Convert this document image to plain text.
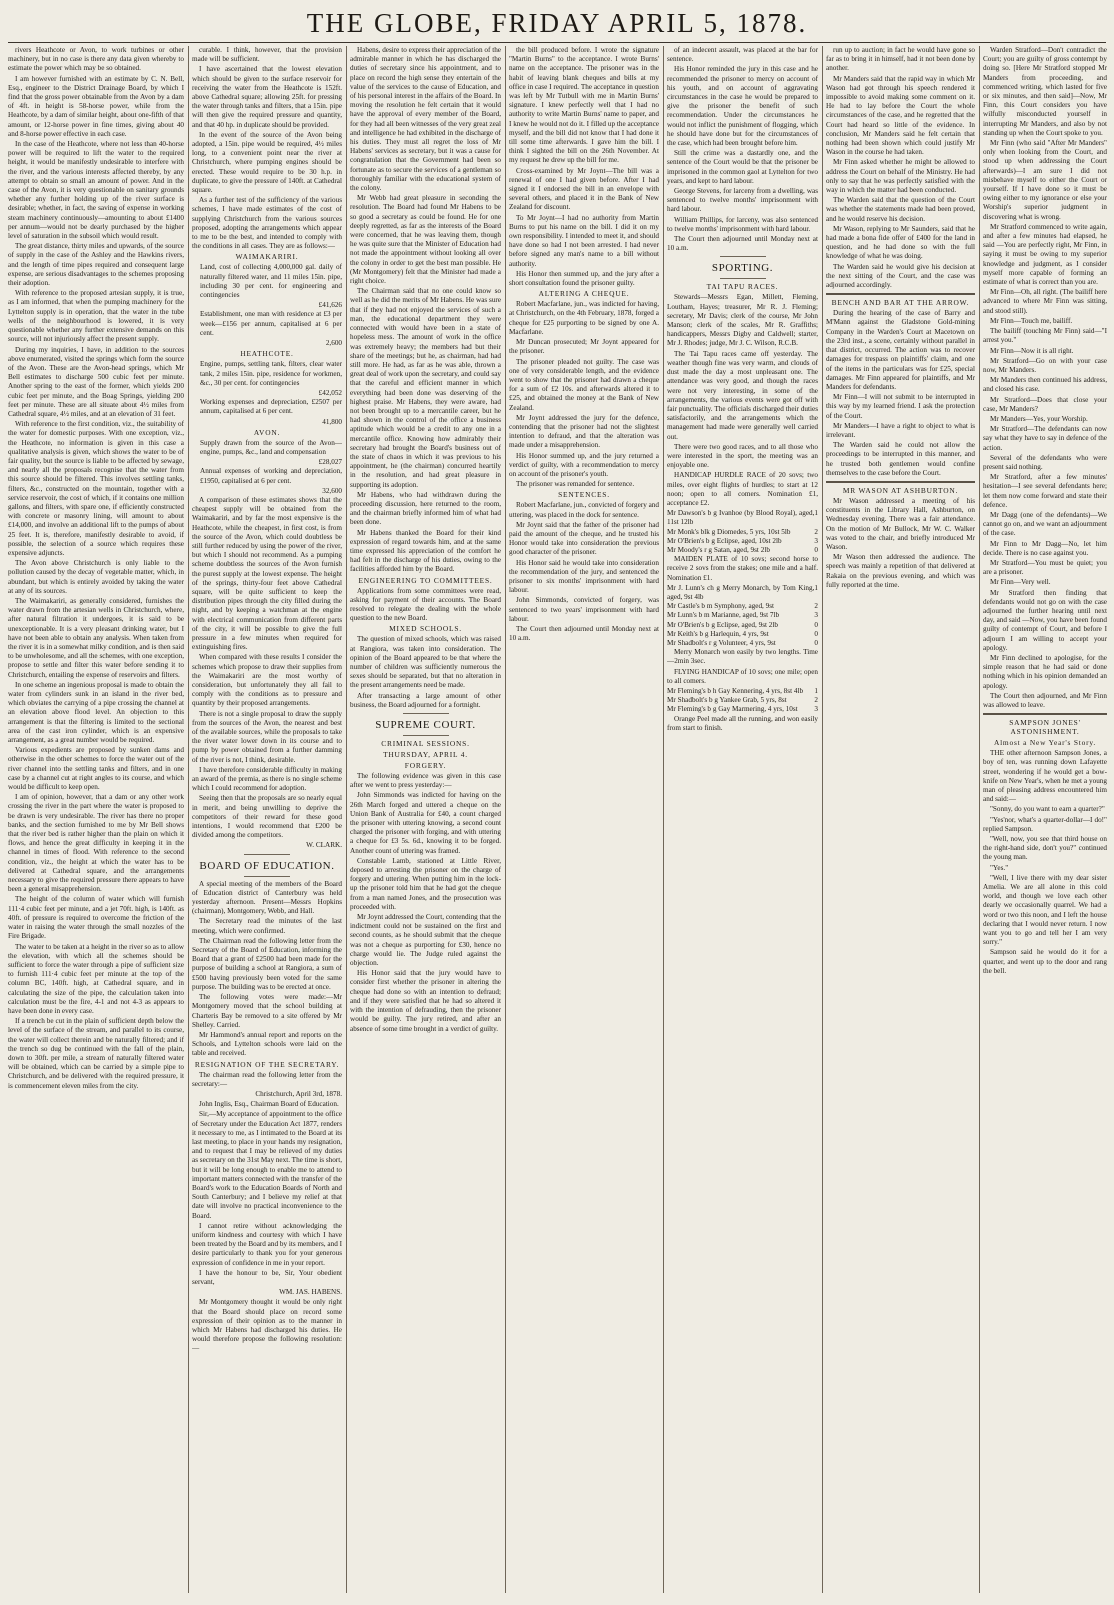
THE GLOBE, FRIDAY APRIL 5, 1878.

rivers Heathcote or Avon, to work turbines or other machinery, but in no case is there any data given whereby to estimate the power which may be so obtained.

I am however furnished with an estimate by C. N. Bell, Esq., engineer to the District Drainage Board, by which I find that the gross power obtainable from the Avon by a dam of 4ft. in height is 58-horse power, while from the Heathcote, by a dam of similar height, about one-fifth of that amount, or 12-horse power in fine times, giving about 40 and 8-horse power effective in each case.

In the case of the Heathcote, where not less than 40-horse power will be required to lift the water to the required height, it would be manifestly undesirable to interfere with the river, and the various interests affected thereby, by any attempt to obtain so small an amount of power. And in the case of the Avon, it is very questionable on sanitary grounds whether any further holding up of the river surface is desirable; whether, in fact, the saving of expense in working steam machinery continuously—amounting to about £1400 per annum—would not be dearly purchased by the higher level of saturation in the subsoil which would result.

The great distance, thirty miles and upwards, of the source of supply in the case of the Ashley and the Hawkins rivers, and the length of time pipes required and consequent large expense, are serious disadvantages to the schemes proposing their adoption.

With reference to the proposed artesian supply, it is true, as I am informed, that when the pumping machinery for the Lyttelton supply is in operation, that the water in the tube wells of the neighbourhood is lowered, it is very questionable whether any further extensive demands on this source, will not injuriously affect the present supply.

During my inquiries, I have, in addition to the sources above enumerated, visited the springs which form the source of the Avon. These are the Avon-head springs, which Mr Bell estimates to discharge 500 cubic feet per minute. Another spring to the east of the former, which yields 200 cubic feet per minute, and the Boag Springs, yielding 200 feet per minute. These are all situate about 4½ miles from Cathedral square, 4½ miles, and at an elevation of 31 feet.

With reference to the first condition, viz., the suitability of the water for domestic purposes. With one exception, viz., the Heathcote, no information is given in this case a qualitative analysis is given, which shows the water to be of fair quality, but the source is liable to be affected by sewage, and nearly all the proposals recognise that the water from this source should be filtered. This involves settling tanks, filters, &c., constructed on the mountain, together with a service reservoir, the cost of which, if it contains one million gallons, and filters, with spare one, if efficiently constructed with concrete or masonry lining, will amount to about £14,000, and involve an additional lift to the pumps of about 25 feet. It is, therefore, manifestly desirable to avoid, if possible, the selection of a source which requires these expensive adjuncts.

The Avon above Christchurch is only liable to the pollution caused by the decay of vegetable matter, which, in abundant, but which is entirely avoided by taking the water at any of its sources.

The Waimakariri, as generally considered, furnishes the water drawn from the artesian wells in Christchurch, where, after natural filtration it undergoes, it is said to be unexceptionable. It is a very pleasant drinking water, but I have not been able to obtain any analysis. When taken from the river it is in a somewhat milky condition, and is then said to be unwholesome, and all the schemes, with one exception, propose to settle and filter this water before sending it to Christchurch, entailing the expense of reservoirs and filters.

In one scheme an ingenious proposal is made to obtain the water from cylinders sunk in an island in the river bed, which obviates the carrying of a pipe crossing the channel at an elevation above flood level. An objection to this arrangement is that the filtering is limited to the sectional area of the cast iron cylinder, which is an expensive arrangement, as a great number would be required.

Various expedients are proposed by sunken dams and otherwise in the other schemes to force the water out of the river channel into the settling tanks and filters, and in one case by a channel cut at right angles to its course, and which would be difficult to keep open.

I am of opinion, however, that a dam or any other work crossing the river in the part where the water is proposed to be drawn is very undesirable. The river has there no proper banks, and the section furnished to me by Mr Bell shows that the river bed is rather higher than the plain on which it flows, and hence the great difficulty in keeping it in the channel in times of flood. With reference to the second condition, viz., the height at which the water has to be delivered at Cathedral square, and the arrangements necessary to give the required pressure there appears to have been a general misapprehension.

The height of the column of water which will furnish 111·4 cubic feet per minute, and a jet 70ft. high, is 140ft. as 40ft. of pressure is required to overcome the friction of the water in raising the water through the small nozzles of the Fire Brigade.

The water to be taken at a height in the river so as to allow the elevation, with which all the schemes should be sufficient to force the water through a pipe of sufficient size to furnish 111·4 cubic feet per minute at the top of the column BC, 140ft. high, at Cathedral square, and in calculating the size of the pipe, the calculation taken into calculation must be the fire, 4-1 and not 4-3 as appears to have been done in every case.

If a trench be cut in the plain of sufficient depth below the level of the surface of the stream, and parallel to its course, the water will collect therein and be naturally filtered; and if the trench so dug be continued with the fall of the plain, down to 30ft. per mile, a stream of naturally filtered water will be obtained, which can be carried by a simple pipe to Christchurch, and be delivered with the required pressure, it is commencement eleven miles from the city.

curable. I think, however, that the provision made will be sufficient.

I have ascertained that the lowest elevation which should be given to the surface reservoir for receiving the water from the Heathcote is 152ft. above Cathedral square; allowing 25ft. for pressing the water through tanks and filters, that a 15in. pipe will then give the required pressure and quantity, and that 40 hp. in duplicate should be provided.

In the event of the source of the Avon being adopted, a 15in. pipe would be required, 4½ miles long, to a convenient point near the river at Christchurch, where pumping engines should be erected. These would require to be 30 h.p. in duplicate, to give the pressure of 140ft. at Cathedral square.

As a further test of the sufficiency of the various schemes, I have made estimates of the cost of supplying Christchurch from the various sources proposed, adopting the arrangements which appear to me to be the best, and intended to comply with the conditions in all cases. They are as follows:—

WAIMAKARIRI.

Land, cost of collecting 4,000,000 gal. daily of naturally filtered water, and 11 miles 15in. pipe, including 30 per cent. for engineering and contingencies

£41,626

Establishment, one man with residence at £3 per week—£156 per annum, capitalised at 6 per cent.

2,600
HEATHCOTE.

Engine, pumps, settling tank, filters, clear water tank, 2 miles 15in. pipe, residence for workmen, &c., 30 per cent. for contingencies

£42,052

Working expenses and depreciation, £2507 per annum, capitalised at 6 per cent.

41,800
AVON.

Supply drawn from the source of the Avon—engine, pumps, &c., land and compensation

£28,027

Annual expenses of working and depreciation, £1950, capitalised at 6 per cent.

32,600

A comparison of these estimates shows that the cheapest supply will be obtained from the Waimakariri, and by far the most expensive is the Heathcote, while the cheapest, in first cost, is from the source of the Avon, which could doubtless be still further reduced by using the power of the river, but which I should not recommend. As a pumping scheme doubtless the sources of the Avon furnish the purest supply at the lowest expense. The height of the springs, thirty-four feet above Cathedral square, will be quite sufficient to keep the distribution pipes through the city filled during the night, and by keeping a watchman at the engine with electrical communication from different parts of the city, it will be possible to give the full pressure in a few minutes when required for extinguishing fires.

When compared with these results I consider the schemes which propose to draw their supplies from the Waimakariri are the most worthy of consideration, but unfortunately they all fail to comply with the conditions as to pressure and quantity by their proposed arrangements.

There is not a single proposal to draw the supply from the sources of the Avon, the nearest and best of the available sources, while the proposals to take the river water lower down in its course and to pump by power obtained from a further damming of the river is not, I think, desirable.

I have therefore considerable difficulty in making an award of the premia, as there is no single scheme which I could recommend for adoption.

Seeing then that the proposals are so nearly equal in merit, and being unwilling to deprive the competitors of their reward for these good intentions, I would recommend that £200 be divided among the competitors.

W. CLARK.

BOARD OF EDUCATION.

A special meeting of the members of the Board of Education district of Canterbury was held yesterday afternoon. Present—Messrs Hopkins (chairman), Montgomery, Webb, and Hall.

The Secretary read the minutes of the last meeting, which were confirmed.

The Chairman read the following letter from the Secretary of the Board of Education, informing the Board that a grant of £2500 had been made for the purpose of building a school at Rangiora, a sum of £500 having previously been voted for the same purpose. The building was to be erected at once.

The following votes were made:—Mr Montgomery moved that the school building at Charteris Bay be removed to a site offered by Mr Shelley. Carried.

Mr Hammond's annual report and reports on the Schools, and Lyttelton schools were laid on the table and received.

RESIGNATION OF THE SECRETARY.

The chairman read the following letter from the secretary:—

Christchurch, April 3rd, 1878.

John Inglis, Esq., Chairman Board of Education.

Sir,—My acceptance of appointment to the office of Secretary under the Education Act 1877, renders it necessary to me, as I intimated to the Board at its last meeting, to place in your hands my resignation, and to request that I may be relieved of my duties as secretary on the 31st May next. The time is short, but it will be long enough to enable me to attend to important matters connected with the transfer of the Board's work to the Education Boards of North and South Canterbury; and I believe my relief at that date will involve no practical inconvenience to the Board.

I cannot retire without acknowledging the uniform kindness and courtesy with which I have been treated by the Board and by its members, and I desire particularly to thank you for your generous expression of confidence in me in your report.

I have the honour to be, Sir, Your obedient servant,

WM. JAS. HABENS.

Mr Montgomery thought it would be only right that the Board should place on record some expression of their opinion as to the manner in which Mr Habens had discharged his duties. He would therefore propose the following resolution:—

Habens, desire to express their appreciation of the admirable manner in which he has discharged the duties of secretary since his appointment, and to place on record the high sense they entertain of the value of the services to the cause of Education, and of his personal interest in the affairs of the Board. In moving the resolution he felt certain that it would have the approval of every member of the Board, for they had all been witnesses of the very great zeal and intelligence he had exhibited in the discharge of his duties. They must all regret the loss of Mr Habens' services as secretary, but it was a cause for congratulation that the Government had been so fortunate as to secure the services of a gentleman so thoroughly familiar with the educational system of the colony.

Mr Webb had great pleasure in seconding the resolution. The Board had found Mr Habens to be so good a secretary as could be found. He for one deeply regretted, as far as the interests of the Board were concerned, that he was leaving them, though he was quite sure that the Minister of Education had not made the appointment without looking all over the colony in order to get the best man possible. He (Mr Montgomery) felt that the Minister had made a right choice.

The Chairman said that no one could know so well as he did the merits of Mr Habens. He was sure that if they had not enjoyed the services of such a man, the educational department they were connected with would have been in a state of hopeless mess. The amount of work in the office was extremely heavy; the members had but their share of the meetings; but he, as chairman, had had still more. He had, as far as he was able, thrown a great deal of work upon the secretary, and could say that the careful and efficient manner in which everything had been done was deserving of the highest praise. Mr Habens, they were aware, had not been brought up to a mercantile career, but he had shown in the control of the office a business aptitude which would be a credit to any one in a mercantile office. Knowing how admirably their secretary had brought the Board's business out of the state of chaos in which it was previous to his appointment, he (the chairman) concurred heartily in the resolution, and had great pleasure in supporting its adoption.

Mr Habens, who had withdrawn during the proceeding discussion, here returned to the room, and the chairman briefly informed him of what had been done.

Mr Habens thanked the Board for their kind expression of regard towards him, and at the same time expressed his appreciation of the comfort he had felt in the discharge of his duties, owing to the facilities afforded him by the Board.

ENGINEERING TO COMMITTEES.

Applications from some committees were read, asking for payment of their accounts. The Board resolved to relegate the dealing with the whole question to the new Board.

MIXED SCHOOLS.

The question of mixed schools, which was raised at Rangiora, was taken into consideration. The opinion of the Board appeared to be that where the number of children was sufficiently numerous the sexes should be separated, but that no alteration in the present arrangements need be made.

After transacting a large amount of other business, the Board adjourned for a fortnight.

SUPREME COURT.
CRIMINAL SESSIONS.
THURSDAY, APRIL 4.
FORGERY.

The following evidence was given in this case after we went to press yesterday:—

John Simmonds was indicted for having on the 26th March forged and uttered a cheque on the Union Bank of Australia for £40, a count charged the prisoner with uttering knowing, a second count charged the prisoner with forging, and with uttering a cheque for £3 5s. 6d., knowing it to be forged. Another count of uttering was framed.

Constable Lamb, stationed at Little River, deposed to arresting the prisoner on the charge of forgery and uttering. When putting him in the lock-up the prisoner told him that he had got the cheque from a man named Jones, and the prosecution was proceeded with.

Mr Joynt addressed the Court, contending that the indictment could not be sustained on the first and second counts, as he should submit that the cheque was not a cheque as purporting for £30, hence no charge would lie. The Judge ruled against the objection.

His Honor said that the jury would have to consider first whether the prisoner in altering the cheque had done so with an intention to defraud; and if they were satisfied that he had so altered it with the intention of defrauding, then the prisoner would be guilty. The jury retired, and after an absence of some time brought in a verdict of guilty.

the bill produced before. I wrote the signature "Martin Burns" to the acceptance. I wrote Burns' name on the acceptance. The prisoner was in the habit of leaving blank cheques and bills at my office in case I required. The acceptance in question was left by Mr Tutbull with me in Martin Burns' signature. I knew perfectly well that I had no authority to write Martin Burns' name to paper, and I knew he would not do it. I filled up the acceptance myself, and the bill did not know that I had done it till some time afterwards. I gave him the bill. I think I sighted the bill on the 26th November. At my request he drew up the bill for me.

Cross-examined by Mr Joynt—The bill was a renewal of one I had given before. After I had signed it I endorsed the bill in an envelope with several others, and placed it in the Bank of New Zealand for discount.

To Mr Joynt—I had no authority from Martin Burns to put his name on the bill. I did it on my own responsibility. I intended to meet it, and should have done so had I not been arrested. I had never before signed any man's name to a bill without authority.

His Honor then summed up, and the jury after a short consultation found the prisoner guilty.

ALTERING A CHEQUE.

Robert Macfarlane, jun., was indicted for having, at Christchurch, on the 4th February, 1878, forged a cheque for £25 purporting to be signed by one A. Macfarlane.

Mr Duncan prosecuted; Mr Joynt appeared for the prisoner.

The prisoner pleaded not guilty. The case was one of very considerable length, and the evidence went to show that the prisoner had drawn a cheque for a sum of £2 10s. and afterwards altered it to £25, and obtained the money at the Bank of New Zealand.

Mr Joynt addressed the jury for the defence, contending that the prisoner had not the slightest intention to defraud, and that the alteration was made under a misapprehension.

His Honor summed up, and the jury returned a verdict of guilty, with a recommendation to mercy on account of the prisoner's youth.

The prisoner was remanded for sentence.

SENTENCES.

Robert Macfarlane, jun., convicted of forgery and uttering, was placed in the dock for sentence.

Mr Joynt said that the father of the prisoner had paid the amount of the cheque, and he trusted his Honor would take into consideration the previous good character of the prisoner.

His Honor said he would take into consideration the recommendation of the jury, and sentenced the prisoner to six months' imprisonment with hard labour.

John Simmonds, convicted of forgery, was sentenced to two years' imprisonment with hard labour.

The Court then adjourned until Monday next at 10 a.m.

of an indecent assault, was placed at the bar for sentence.

His Honor reminded the jury in this case and he recommended the prisoner to mercy on account of his youth, and on account of aggravating circumstances in the case he would be prepared to give the prisoner the benefit of such recommendation. Under the circumstances he would not inflict the punishment of flogging, which he should have done but for the circumstances of the case, which had been brought before him.

Still the crime was a dastardly one, and the sentence of the Court would be that the prisoner be imprisoned in the common gaol at Lyttelton for two years, and kept to hard labour.

George Stevens, for larceny from a dwelling, was sentenced to twelve months' imprisonment with hard labour.

William Phillips, for larceny, was also sentenced to twelve months' imprisonment with hard labour.

The Court then adjourned until Monday next at 10 a.m.

SPORTING.
TAI TAPU RACES.

Stewards—Messrs Egan, Millett, Fleming, Loutham, Hayes; treasurer, Mr R. J. Fleming; secretary, Mr Davis; clerk of the course, Mr John Manson; clerk of the scales, Mr R. Graffiths; handicappers, Messrs Digby and Caldwell; starter, Mr J. Rhodes; judge, Mr J. C. Wilson, R.C.B.

The Tai Tapu races came off yesterday. The weather though fine was very warm, and clouds of dust made the day a most unpleasant one. The attendance was very good, and though the races were not very interesting, in some of the arrangements, the various events were got off with fair punctuality. The officials discharged their duties satisfactorily, and the arrangements which the management had made were generally well carried out.

There were two good races, and to all those who were interested in the sport, the meeting was an enjoyable one.

HANDICAP HURDLE RACE of 20 sovs; two miles, over eight flights of hurdles; to start at 12 noon; open to all comers. Nomination £1, acceptance £2.

Mr Dawson's b g Ivanhoe (by Blood Royal), aged, 11st 12lb
1
Mr Monk's blk g Diomedes, 5 yrs, 10st 5lb	2
Mr O'Brien's b g Eclipse, aged, 10st 2lb	3
Mr Moody's r g Satan, aged, 9st 2lb	0

MAIDEN PLATE of 10 sovs; second horse to receive 2 sovs from the stakes; one mile and a half. Nomination £1.

Mr J. Lunn's ch g Merry Monarch, by Tom King, aged, 9st 4lb
1
Mr Castle's b m Symphony, aged, 9st	2
Mr Lunn's b m Marianne, aged, 9st 7lb	3
Mr O'Brien's b g Eclipse, aged, 9st 2lb	0
Mr Keith's b g Harlequin, 4 yrs, 9st	0
Mr Shadbolt's r g Volunteer, 4 yrs, 9st	0

Merry Monarch won easily by two lengths. Time—2min 3sec.

FLYING HANDICAP of 10 sovs; one mile; open to all comers.

Mr Fleming's b h Gay Kennering, 4 yrs, 8st 4lb 1
Mr Shadbolt's b g Yankee Grab, 5 yrs, 8st	2
Mr Fleming's b g Gay Marmering, 4 yrs, 10st 3

Orange Peel made all the running, and won easily from start to finish.

run up to auction; in fact he would have gone so far as to bring it in himself, had it not been done by another.

Mr Manders said that the rapid way in which Mr Wason had got through his speech rendered it impossible to avoid making some comment on it. He had to lay before the Court the whole circumstances of the case, and he regretted that the Court had heard so little of the evidence. In conclusion, Mr Manders said he felt certain that nothing had been shown which could justify Mr Wason in the course he had taken.

Mr Finn asked whether he might be allowed to address the Court on behalf of the Ministry. He had only to say that he was perfectly satisfied with the way in which the matter had been conducted.

The Warden said that the question of the Court was whether the statements made had been proved, and he would reserve his decision.

Mr Wason, replying to Mr Saunders, said that he had made a bona fide offer of £400 for the land in question, and he had done so with the full knowledge of what he was doing.

The Warden said he would give his decision at the next sitting of the Court, and the case was adjourned accordingly.

BENCH AND BAR AT THE ARROW.

During the hearing of the case of Barry and M'Mann against the Gladstone Gold-mining Company in the Warden's Court at Macetown on the 23rd inst., a scene, certainly without parallel in that district, occurred. The action was to recover damages for trespass on plaintiffs' claim, and one of the items in the particulars was for £25, special damages. Mr Finn appeared for plaintiffs, and Mr Manders for defendants.

Mr Finn—I will not submit to be interrupted in this way by my learned friend. I ask the protection of the Court.

Mr Manders—I have a right to object to what is irrelevant.

The Warden said he could not allow the proceedings to be interrupted in this manner, and he trusted both gentlemen would confine themselves to the case before the Court.

MR WASON AT ASHBURTON.

Mr Wason addressed a meeting of his constituents in the Library Hall, Ashburton, on Wednesday evening. There was a fair attendance. On the motion of Mr Bullock, Mr W. C. Walker was voted to the chair, and briefly introduced Mr Wason.

Mr Wason then addressed the audience. The speech was mainly a repetition of that delivered at Rakaia on the previous evening, and which was fully reported at the time.

Warden Stratford—Don't contradict the Court; you are guilty of gross contempt by doing so. [Here Mr Stratford stopped Mr Manders from proceeding, and commenced writing, which lasted for five or six minutes, and then said]—Now, Mr Finn, this Court considers you have wilfully misconducted yourself in interrupting Mr Manders, and also by not standing up when the Court spoke to you.

Mr Finn (who said "After Mr Manders" only when looking from the Court, and stood up when addressing the Court afterwards)—I am sure I did not misbehave myself to either the Court or yourself. If I have done so it must be owing either to my ignorance or else your Worship's superior judgment in discovering what is wrong.

Mr Stratford commenced to write again, and after a few minutes had elapsed, he said —You are perfectly right, Mr Finn, in saying it must be owing to my superior knowledge and judgment, as I consider myself more capable of forming an estimate of what is correct than you are.

Mr Finn—Oh, all right. (The bailiff here advanced to where Mr Finn was sitting, and stood still).

Mr Finn—Touch me, bailiff.

The bailiff (touching Mr Finn) said—"I arrest you."

Mr Finn—Now it is all right.

Mr Stratford—Go on with your case now, Mr Manders.

Mr Manders then continued his address, and closed his case.

Mr Stratford—Does that close your case, Mr Manders?

Mr Manders—Yes, your Worship.

Mr Stratford—The defendants can now say what they have to say in defence of the action.

Several of the defendants who were present said nothing.

Mr Stratford, after a few minutes' hesitation—I see several defendants here; let them now come forward and state their defence.

Mr Dagg (one of the defendants)—We cannot go on, and we want an adjournment of the case.

Mr Finn to Mr Dagg—No, let him decide. There is no case against you.

Mr Stratford—You must be quiet; you are a prisoner.

Mr Finn—Very well.

Mr Stratford then finding that defendants would not go on with the case adjourned the further hearing until next day, and said —Now, you have been found guilty of contempt of Court, and before I adjourn I am willing to accept your apology.

Mr Finn declined to apologise, for the simple reason that he had said or done nothing which in his opinion demanded an apology.

The Court then adjourned, and Mr Finn was allowed to leave.

SAMPSON JONES' ASTONISHMENT.
Almost a New Year's Story.

THE other afternoon Sampson Jones, a boy of ten, was running down Lafayette street, wondering if he would get a bow-knife on New Year's, when he met a young man of pleasing address encountered him and said:—

"Sonny, do you want to earn a quarter?"

"Yes'nor, what's a quarter-dollar—I do!" replied Sampson.

"Well, now, you see that third house on the right-hand side, don't you?" continued the young man.

"Yes."

"Well, I live there with my dear sister Amelia. We are all alone in this cold world, and though we love each other dearly we occasionally quarrel. We had a word or two this noon, and I left the house declaring that I would never return. I now want you to go and tell her I am very sorry."

Sampson said he would do it for a quarter, and went up to the door and rang the bell.
